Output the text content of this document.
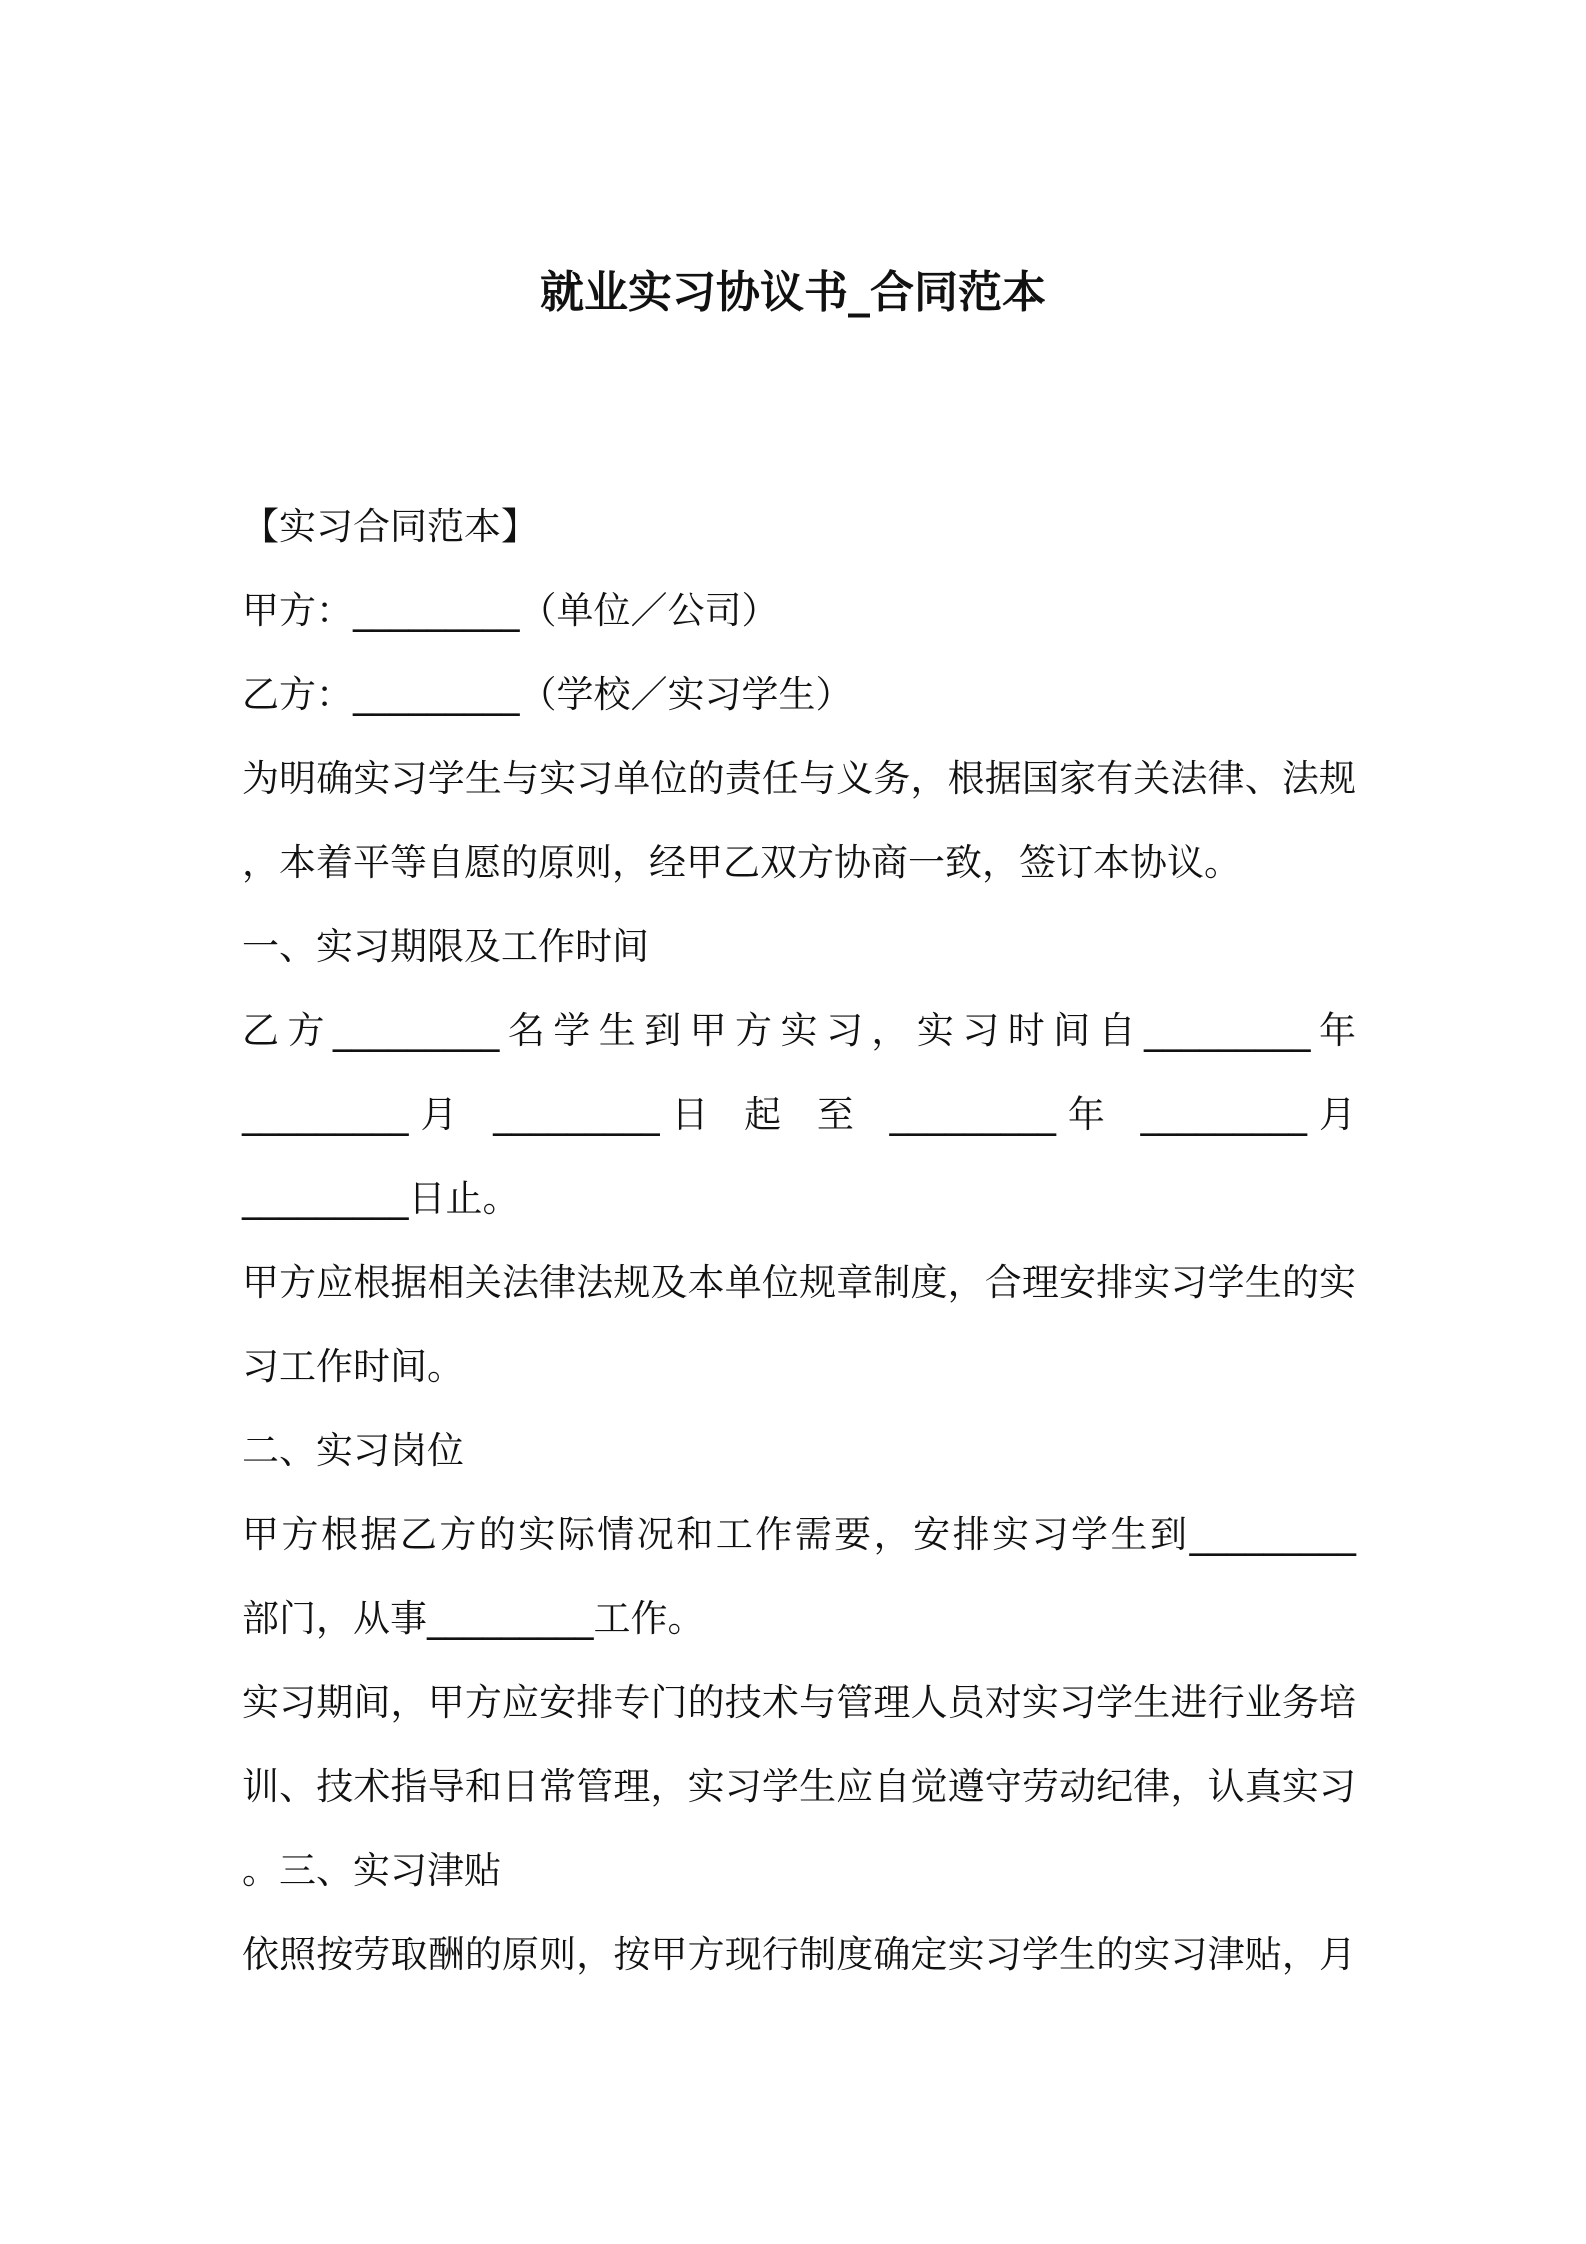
就业实习协议书_合同范本
【实习合同范本】
甲方：_________（单位／公司）
乙方：_________（学校／实习学生）
为明确实习学生与实习单位的责任与义务，根据国家有关法律、法规
，本着平等自愿的原则，经甲乙双方协商一致，签订本协议。
一、实习期限及工作时间
乙方_________名学生到甲方实习，实习时间自_________年
_________月 _________日 起 至 _________年 _________月
_________日止。
甲方应根据相关法律法规及本单位规章制度，合理安排实习学生的实
习工作时间。
二、实习岗位
甲方根据乙方的实际情况和工作需要，安排实习学生到_________
部门，从事_________工作。
实习期间，甲方应安排专门的技术与管理人员对实习学生进行业务培
训、技术指导和日常管理，实习学生应自觉遵守劳动纪律，认真实习
。三、实习津贴
依照按劳取酬的原则，按甲方现行制度确定实习学生的实习津贴，月
